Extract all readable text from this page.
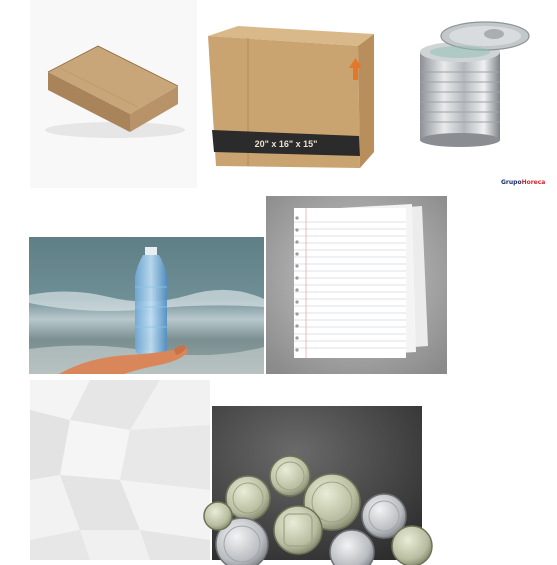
20" x 16" x 15"
Grupo Horeca
